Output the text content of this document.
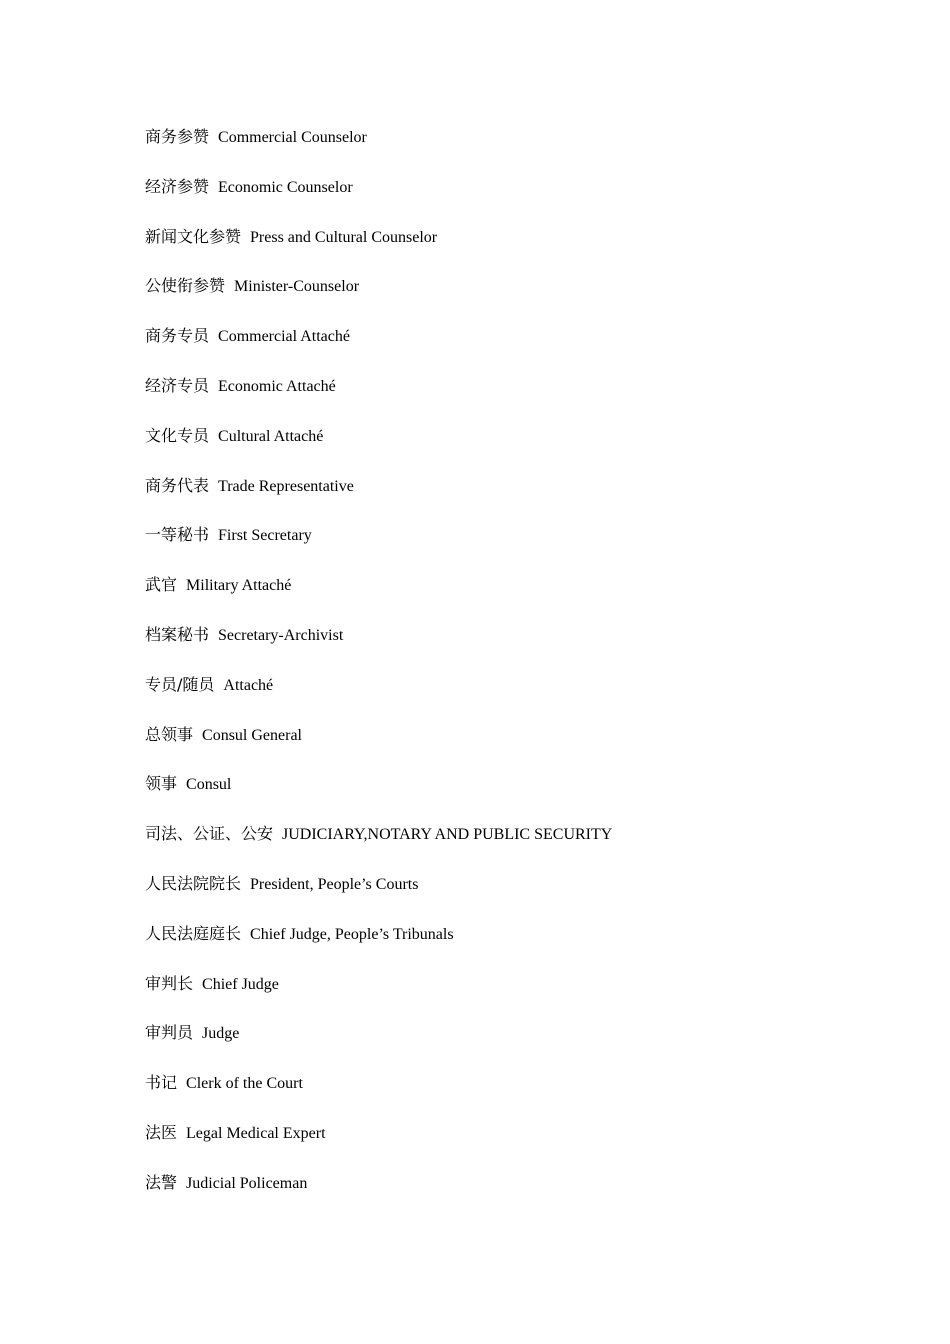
商务参赞 Commercial Counselor
经济参赞 Economic Counselor
新闻文化参赞 Press and Cultural Counselor
公使衔参赞 Minister-Counselor
商务专员 Commercial Attaché
经济专员 Economic Attaché
文化专员 Cultural Attaché
商务代表 Trade Representative
一等秘书 First Secretary
武官 Military Attaché
档案秘书 Secretary-Archivist
专员/随员 Attaché
总领事 Consul General
领事 Consul
司法、公证、公安 JUDICIARY,NOTARY AND PUBLIC SECURITY
人民法院院长 President, People’s Courts
人民法庭庭长 Chief Judge, People’s Tribunals
审判长 Chief Judge
审判员 Judge
书记 Clerk of the Court
法医 Legal Medical Expert
法警 Judicial Policeman
